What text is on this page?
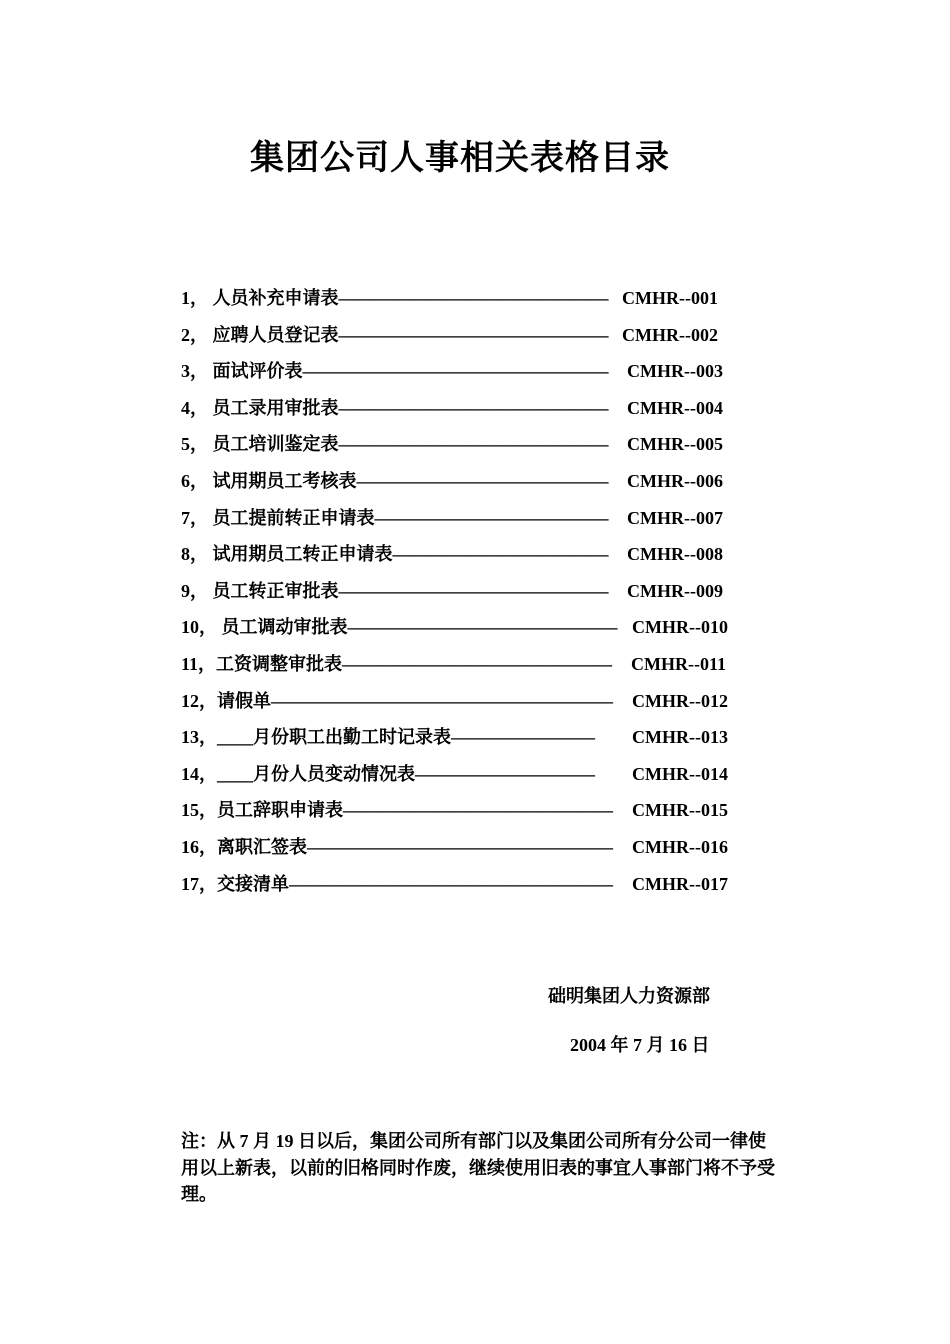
集团公司人事相关表格目录
1， 人员补充申请表——————————————— CMHR--001
2， 应聘人员登记表——————————————— CMHR--002
3， 面试评价表————————————————— CMHR--003
4， 员工录用审批表——————————————— CMHR--004
5， 员工培训鉴定表——————————————— CMHR--005
6， 试用期员工考核表—————————————— CMHR--006
7， 员工提前转正申请表————————————— CMHR--007
8， 试用期员工转正申请表———————————— CMHR--008
9， 员工转正审批表——————————————— CMHR--009
10， 员工调动审批表——————————————— CMHR--010
11，工资调整审批表——————————————— CMHR--011
12，请假单——————————————————— CMHR--012
13，____月份职工出勤工时记录表———————— CMHR--013
14，____月份人员变动情况表—————————— CMHR--014
15，员工辞职申请表——————————————— CMHR--015
16，离职汇签表————————————————— CMHR--016
17，交接清单—————————————————— CMHR--017
础明集团人力资源部
2004 年 7 月 16 日
注：从 7 月 19 日以后，集团公司所有部门以及集团公司所有分公司一律使用以上新表，以前的旧格同时作废，继续使用旧表的事宜人事部门将不予受理。
